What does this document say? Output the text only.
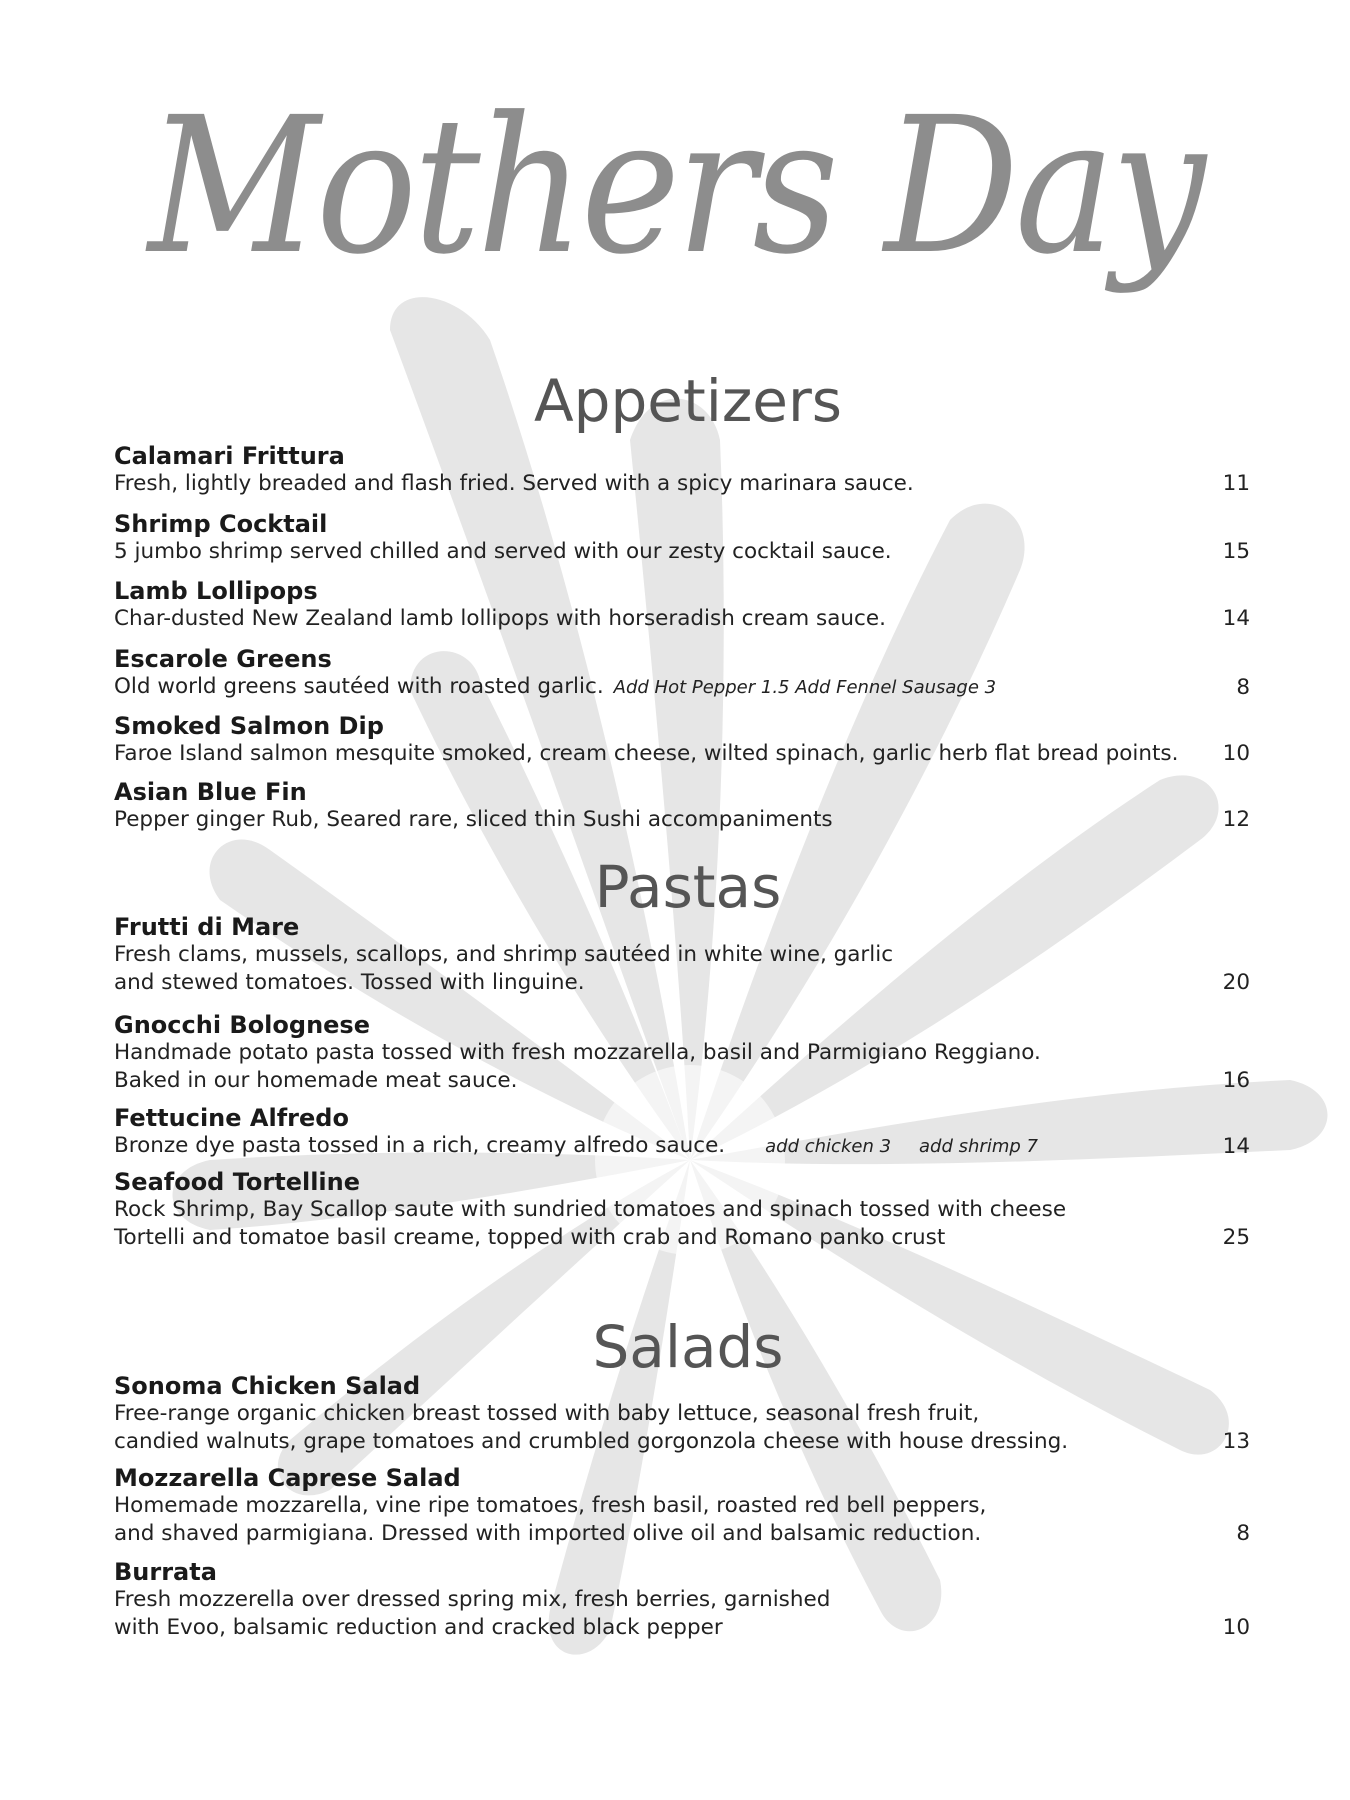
Mothers Day
Appetizers
Calamari Frittura
Fresh, lightly breaded and flash fried. Served with a spicy marinara sauce.	11
Shrimp Cocktail
5 jumbo shrimp served chilled and served with our zesty cocktail sauce.	15
Lamb Lollipops
Char-dusted New Zealand lamb lollipops with horseradish cream sauce.	14
Escarole Greens
Old world greens sautéed with roasted garlic. Add Hot Pepper 1.5 Add Fennel Sausage 3	8
Smoked Salmon Dip
Faroe Island salmon mesquite smoked, cream cheese, wilted spinach, garlic herb flat bread points. 10
Asian Blue Fin
Pepper ginger Rub, Seared rare, sliced thin Sushi accompaniments	12
Pastas
Frutti di Mare
Fresh clams, mussels, scallops, and shrimp sautéed in white wine, garlic
and stewed tomatoes. Tossed with linguine.	20
Gnocchi Bolognese
Handmade potato pasta tossed with fresh mozzarella, basil and Parmigiano Reggiano.
Baked in our homemade meat sauce.	16
Fettucine Alfredo
Bronze dye pasta tossed in a rich, creamy alfredo sauce. add chicken 3 add shrimp 7	14
Seafood Tortelline
Rock Shrimp, Bay Scallop saute with sundried tomatoes and spinach tossed with cheese
Tortelli and tomatoe basil creame, topped with crab and Romano panko crust	25
Salads
Sonoma Chicken Salad
Free-range organic chicken breast tossed with baby lettuce, seasonal fresh fruit,
candied walnuts, grape tomatoes and crumbled gorgonzola cheese with house dressing.	13
Mozzarella Caprese Salad
Homemade mozzarella, vine ripe tomatoes, fresh basil, roasted red bell peppers,
and shaved parmigiana. Dressed with imported olive oil and balsamic reduction.	8
Burrata
Fresh mozzerella over dressed spring mix, fresh berries, garnished
with Evoo, balsamic reduction and cracked black pepper	10
